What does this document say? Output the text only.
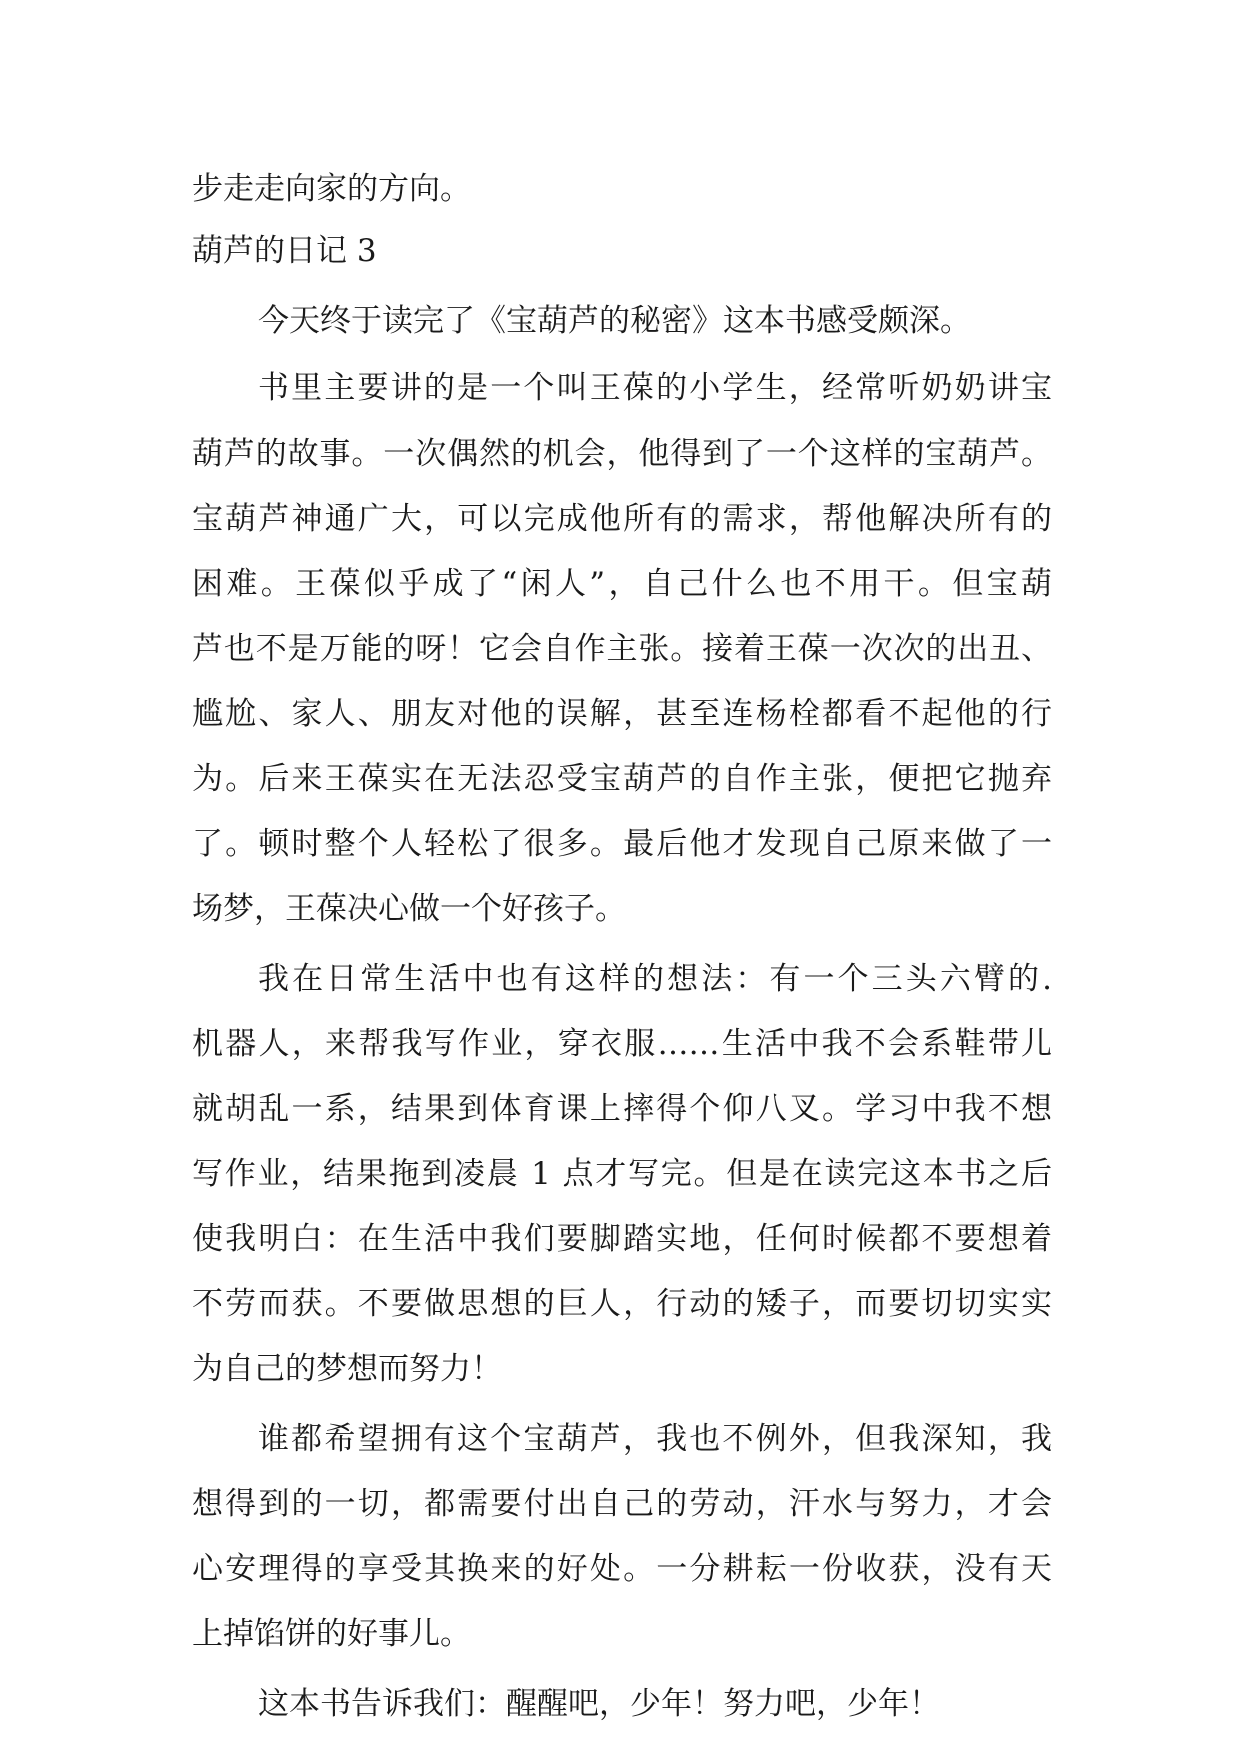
步走走向家的方向。
葫芦的日记 3
今天终于读完了《宝葫芦的秘密》这本书感受颇深。
书里主要讲的是一个叫王葆的小学生，经常听奶奶讲宝
葫芦的故事。一次偶然的机会，他得到了一个这样的宝葫芦。
宝葫芦神通广大，可以完成他所有的需求，帮他解决所有的
困难。王葆似乎成了“闲人”，自己什么也不用干。但宝葫
芦也不是万能的呀！它会自作主张。接着王葆一次次的出丑、
尴尬、家人、朋友对他的误解，甚至连杨栓都看不起他的行
为。后来王葆实在无法忍受宝葫芦的自作主张，便把它抛弃
了。顿时整个人轻松了很多。最后他才发现自己原来做了一
场梦，王葆决心做一个好孩子。
我在日常生活中也有这样的想法：有一个三头六臂的.
机器人，来帮我写作业，穿衣服……生活中我不会系鞋带儿
就胡乱一系，结果到体育课上摔得个仰八叉。学习中我不想
写作业，结果拖到凌晨 1 点才写完。但是在读完这本书之后
使我明白：在生活中我们要脚踏实地，任何时候都不要想着
不劳而获。不要做思想的巨人，行动的矮子，而要切切实实
为自己的梦想而努力！
谁都希望拥有这个宝葫芦，我也不例外，但我深知，我
想得到的一切，都需要付出自己的劳动，汗水与努力，才会
心安理得的享受其换来的好处。一分耕耘一份收获，没有天
上掉馅饼的好事儿。
这本书告诉我们：醒醒吧，少年！努力吧，少年！
